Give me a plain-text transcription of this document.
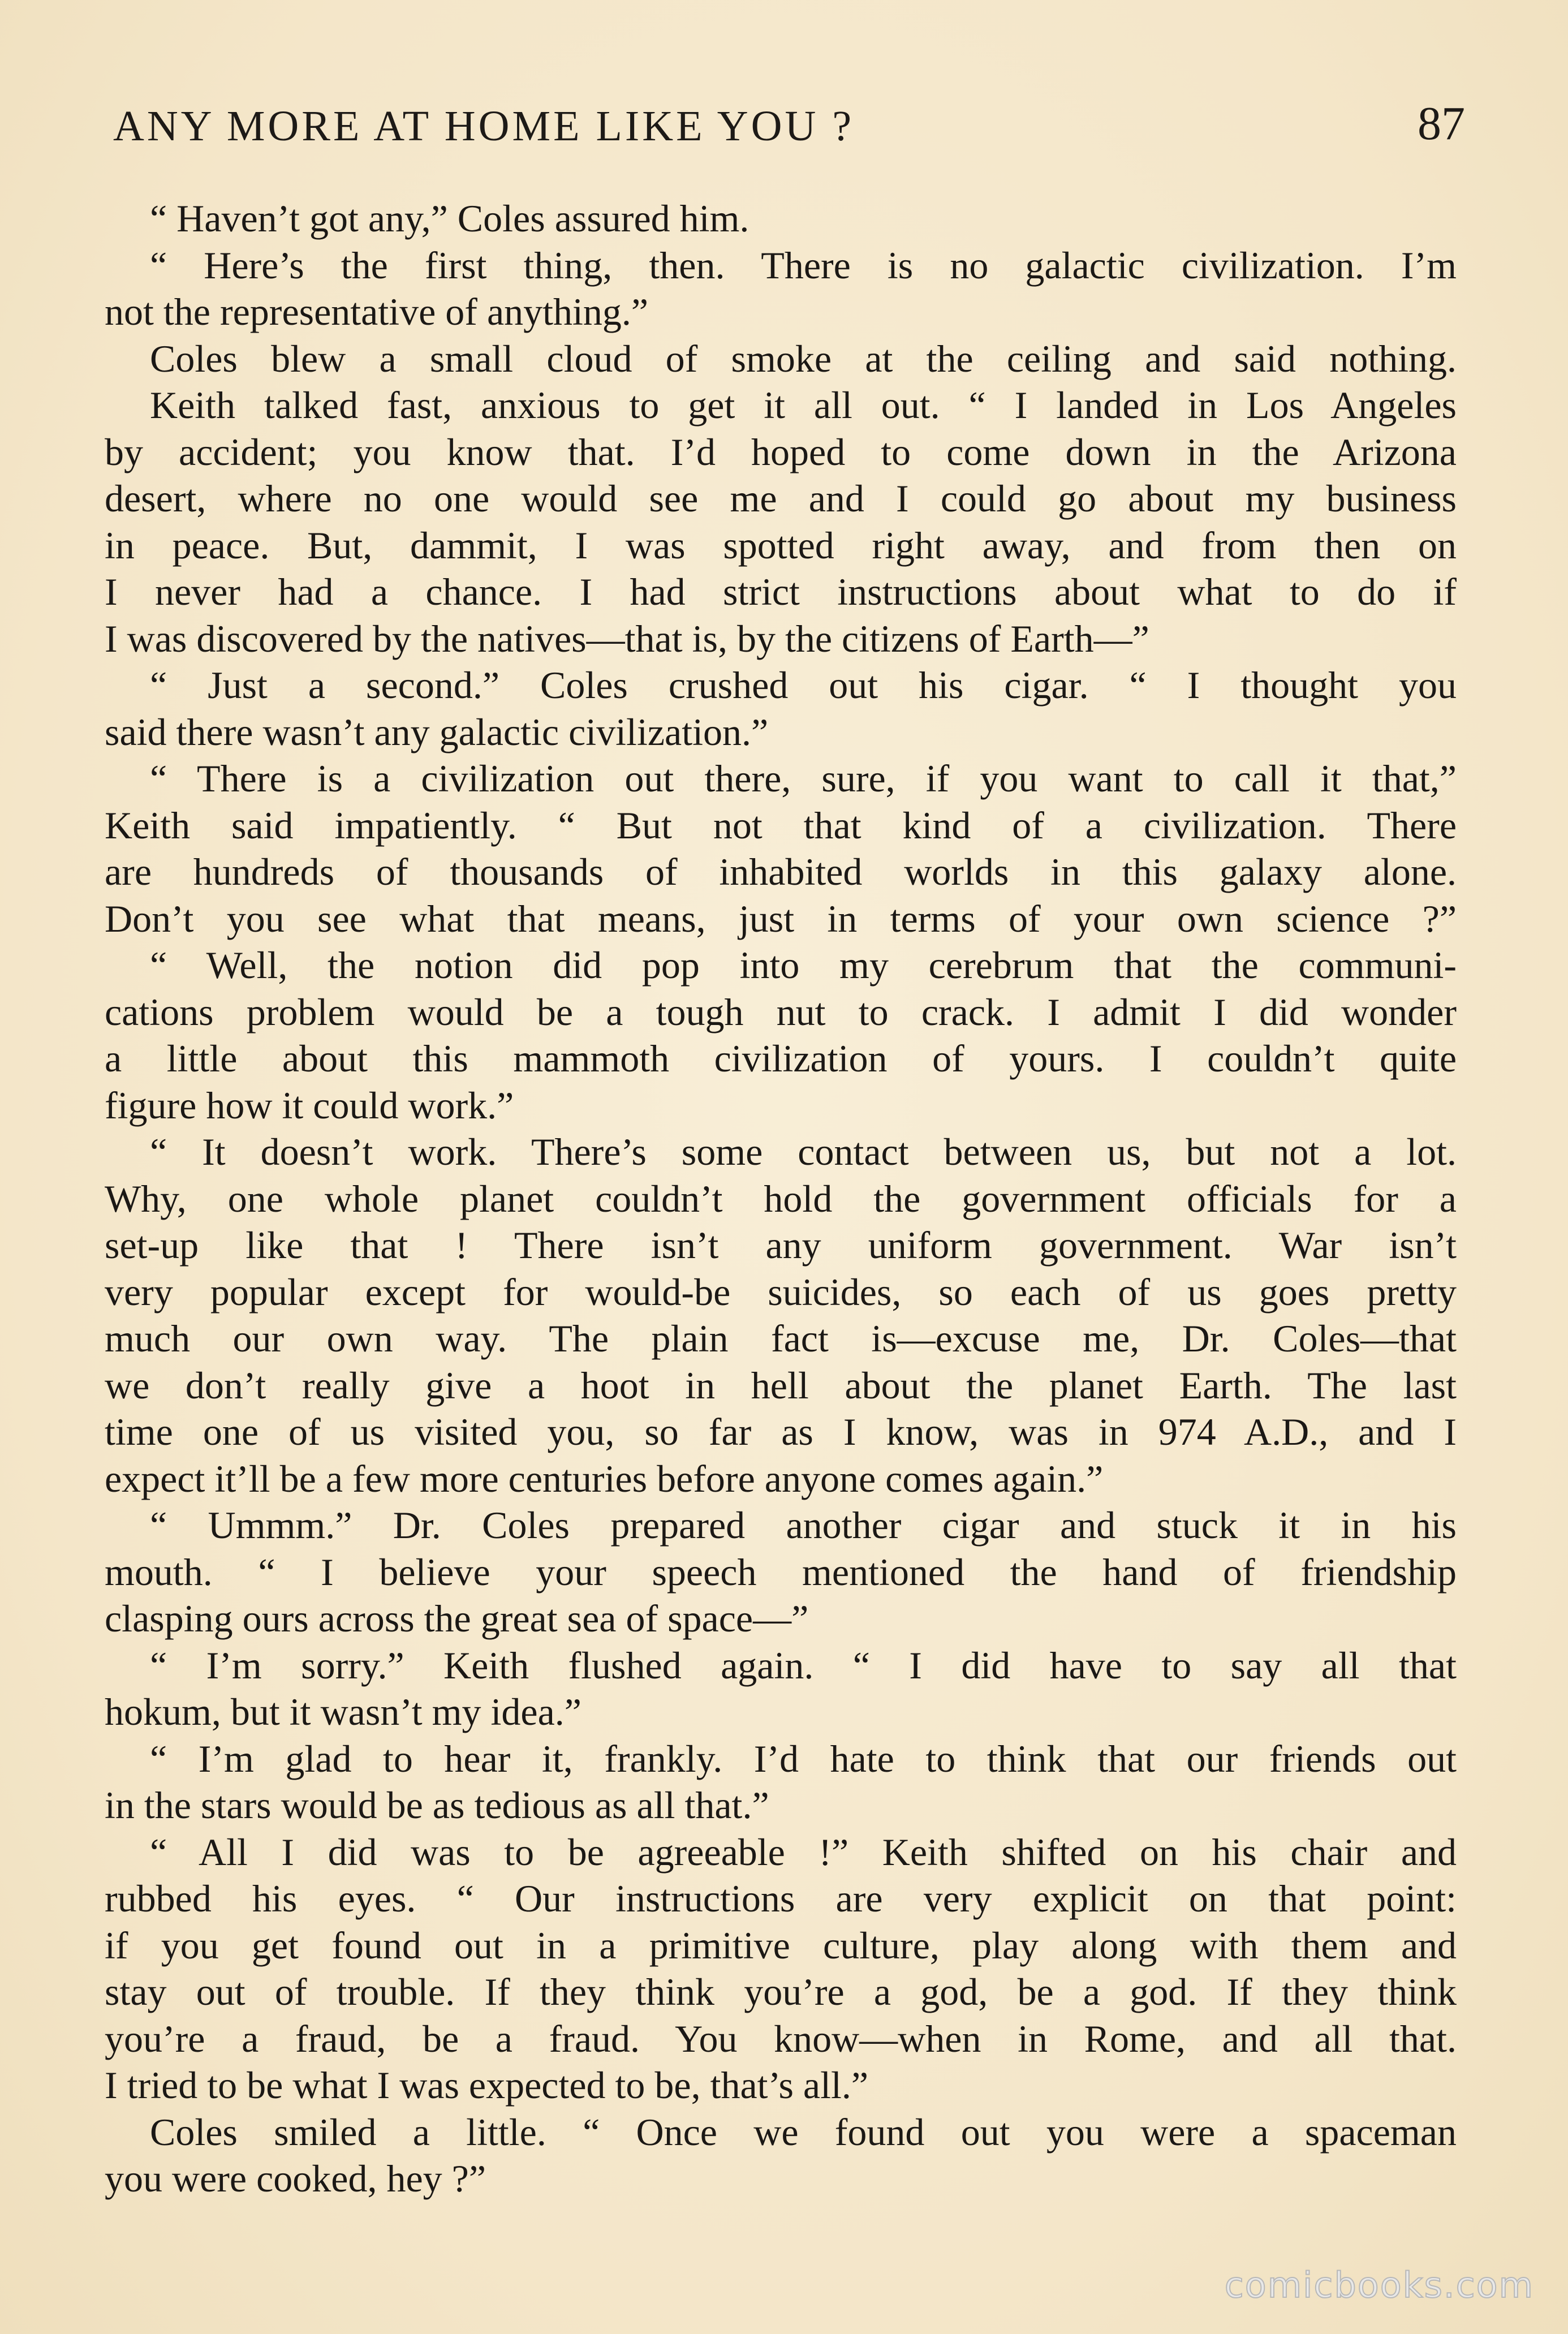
ANY MORE AT HOME LIKE YOU ?	87
“ Haven’t got any,” Coles assured him.
“ Here’s the first thing, then. There is no galactic civilization. I’m
not the representative of anything.”
Coles blew a small cloud of smoke at the ceiling and said nothing.
Keith talked fast, anxious to get it all out. “ I landed in Los Angeles
by accident; you know that. I’d hoped to come down in the Arizona
desert, where no one would see me and I could go about my business
in peace. But, dammit, I was spotted right away, and from then on
I never had a chance. I had strict instructions about what to do if
I was discovered by the natives—that is, by the citizens of Earth—”
“ Just a second.” Coles crushed out his cigar. “ I thought you
said there wasn’t any galactic civilization.”
“ There is a civilization out there, sure, if you want to call it that,”
Keith said impatiently. “ But not that kind of a civilization. There
are hundreds of thousands of inhabited worlds in this galaxy alone.
Don’t you see what that means, just in terms of your own science ?”
“ Well, the notion did pop into my cerebrum that the communi-
cations problem would be a tough nut to crack. I admit I did wonder
a little about this mammoth civilization of yours. I couldn’t quite
figure how it could work.”
“ It doesn’t work. There’s some contact between us, but not a lot.
Why, one whole planet couldn’t hold the government officials for a
set-up like that ! There isn’t any uniform government. War isn’t
very popular except for would-be suicides, so each of us goes pretty
much our own way. The plain fact is—excuse me, Dr. Coles—that
we don’t really give a hoot in hell about the planet Earth. The last
time one of us visited you, so far as I know, was in 974 A.D., and I
expect it’ll be a few more centuries before anyone comes again.”
“ Ummm.” Dr. Coles prepared another cigar and stuck it in his
mouth. “ I believe your speech mentioned the hand of friendship
clasping ours across the great sea of space—”
“ I’m sorry.” Keith flushed again. “ I did have to say all that
hokum, but it wasn’t my idea.”
“ I’m glad to hear it, frankly. I’d hate to think that our friends out
in the stars would be as tedious as all that.”
“ All I did was to be agreeable !” Keith shifted on his chair and
rubbed his eyes. “ Our instructions are very explicit on that point:
if you get found out in a primitive culture, play along with them and
stay out of trouble. If they think you’re a god, be a god. If they think
you’re a fraud, be a fraud. You know—when in Rome, and all that.
I tried to be what I was expected to be, that’s all.”
Coles smiled a little. “ Once we found out you were a spaceman
you were cooked, hey ?”
comicbooks.com
